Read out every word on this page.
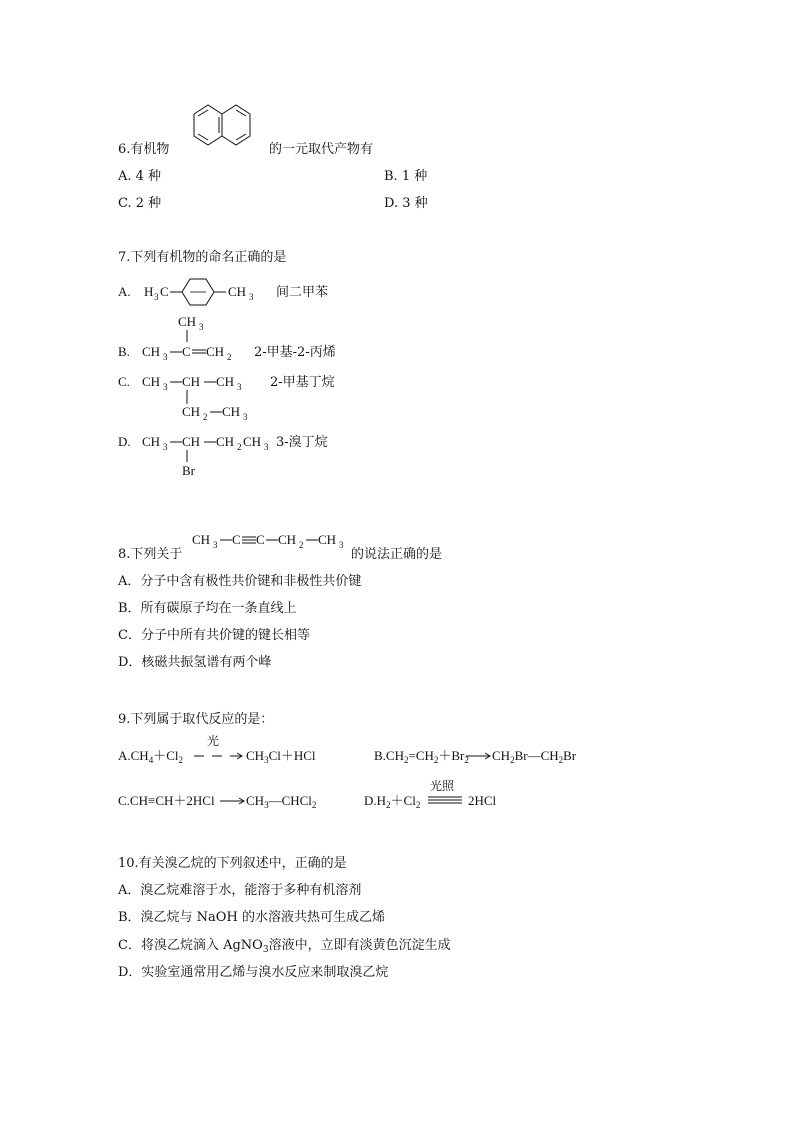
6.有机物	的一元取代产物有
A. 4 种	B. 1 种
C. 2 种	D. 3 种
7.下列有机物的命名正确的是
A. H 3 C	CH 3 间二甲苯
CH 3
B. CH 3 C CH 2 2-甲基-2-丙烯
C. CH 3 CH CH 3
CH 2 CH 3
2-甲基丁烷
D. CH 3 CH CH 2 CH 3
Br
3-溴丁烷
8.下列关于
CH 3 C C CH 2 CH 3
的说法正确的是
A．分子中含有极性共价键和非极性共价键
B．所有碳原子均在一条直线上
C．分子中所有共价键的键长相等
D．核磁共振氢谱有两个峰
9.下列属于取代反应的是：
$A.CH_4+Cl_2$
光
$CH_3Cl+HCl$	$B.CH_2=CH_2+Br_2$ $CH_2Br—CH_2Br$
C.CH≡CH＋2HCl $CH_3—CHCl_2$	$D.H_2+Cl_2$
光照
2HCl
10.有关溴乙烷的下列叙述中，正确的是
A．溴乙烷难溶于水，能溶于多种有机溶剂
B．溴乙烷与 NaOH 的水溶液共热可生成乙烯
C．将溴乙烷滴入 AgNO$_3$溶液中，立即有淡黄色沉淀生成
D．实验室通常用乙烯与溴水反应来制取溴乙烷
